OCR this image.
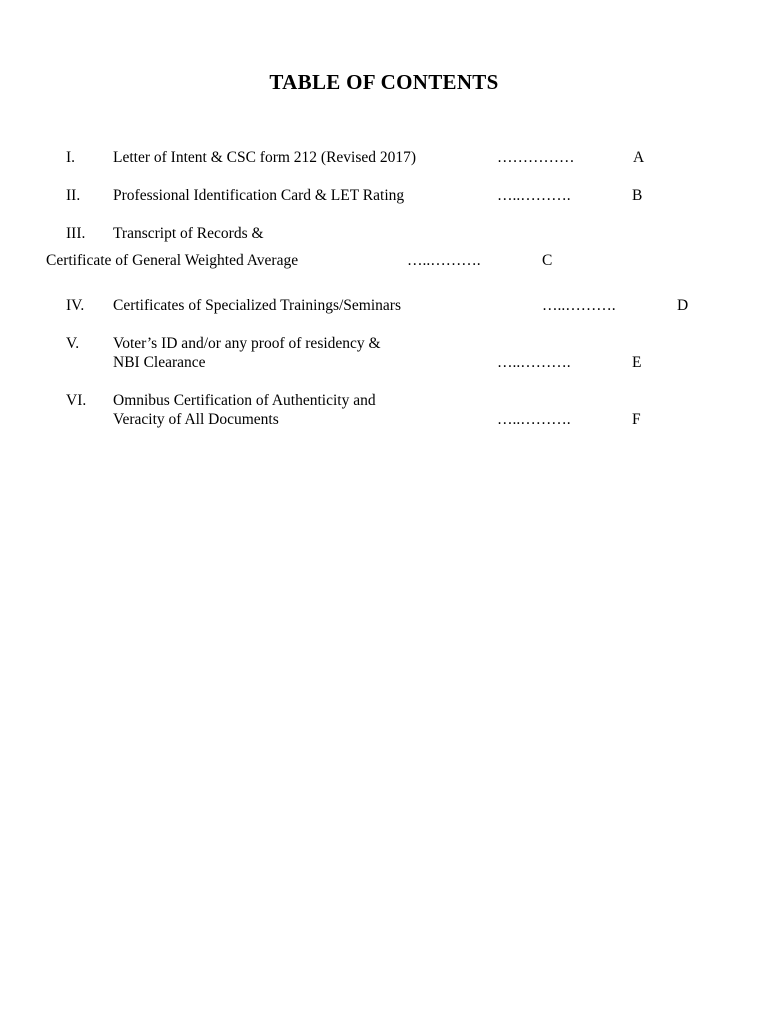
TABLE OF CONTENTS
I. Letter of Intent & CSC form 212 (Revised 2017)	……………	A
II. Professional Identification Card & LET Rating	…..……….	B
III. Transcript of Records &
Certificate of General Weighted Average	…..……….	C
IV. Certificates of Specialized Trainings/Seminars	…..……….	D
V. Voter’s ID and/or any proof of residency &
NBI Clearance	…..……….	E
VI. Omnibus Certification of Authenticity and
Veracity of All Documents	…..……….	F
